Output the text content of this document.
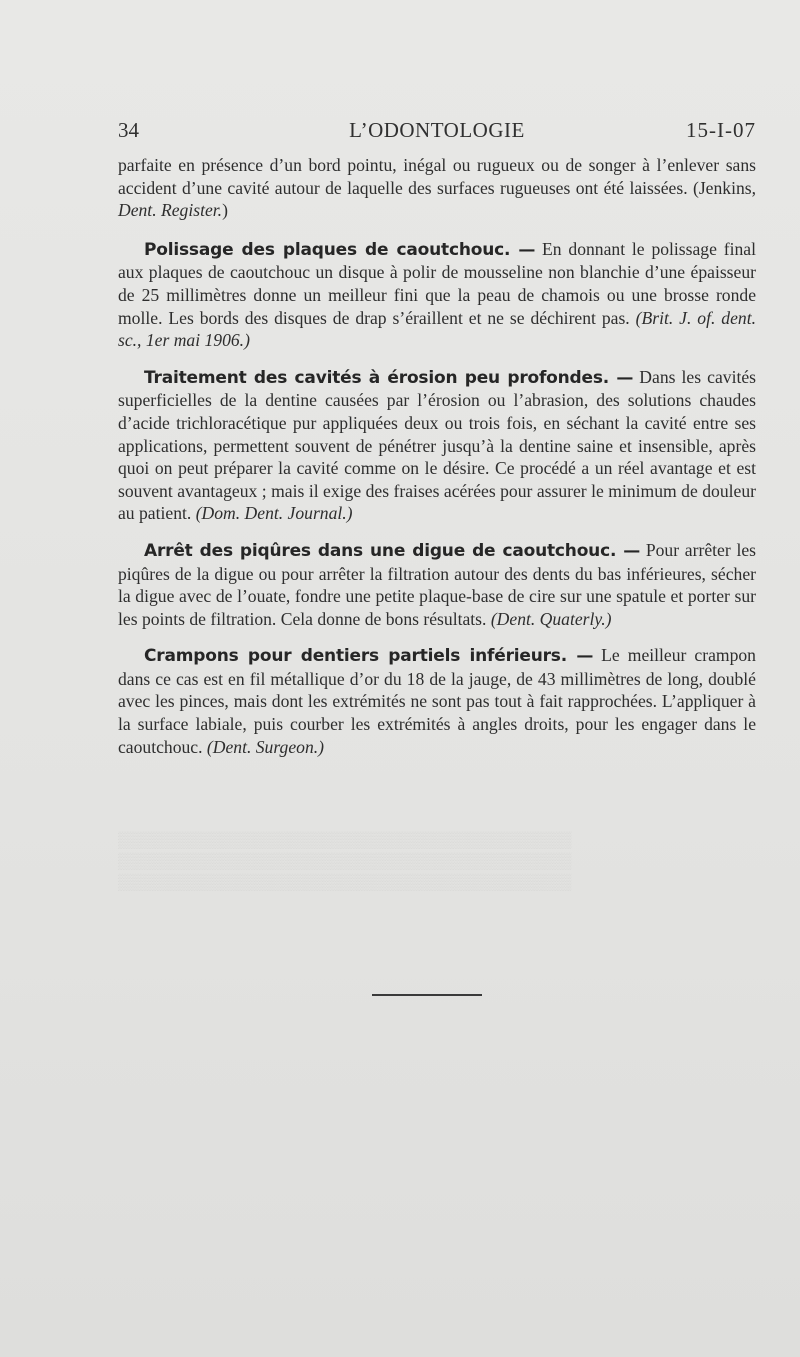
34	L’ODONTOLOGIE	15-I-07

parfaite en présence d’un bord pointu, inégal ou rugueux ou de songer à l’enlever sans accident d’une cavité autour de laquelle des surfaces rugueuses ont été laissées. (Jenkins, Dent. Register.)

Polissage des plaques de caoutchouc. — En donnant le polissage final aux plaques de caoutchouc un disque à polir de mousseline non blanchie d’une épaisseur de 25 millimètres donne un meilleur fini que la peau de chamois ou une brosse ronde molle. Les bords des disques de drap s’éraillent et ne se déchirent pas. (Brit. J. of. dent. sc., 1er mai 1906.)

Traitement des cavités à érosion peu profondes. — Dans les cavités superficielles de la dentine causées par l’érosion ou l’abrasion, des solutions chaudes d’acide trichloracétique pur appliquées deux ou trois fois, en séchant la cavité entre ses applications, permettent souvent de pénétrer jusqu’à la dentine saine et insensible, après quoi on peut préparer la cavité comme on le désire. Ce procédé a un réel avantage et est souvent avantageux ; mais il exige des fraises acérées pour assurer le minimum de douleur au patient. (Dom. Dent. Journal.)

Arrêt des piqûres dans une digue de caoutchouc. — Pour arrêter les piqûres de la digue ou pour arrêter la filtration autour des dents du bas inférieures, sécher la digue avec de l’ouate, fondre une petite plaque-base de cire sur une spatule et porter sur les points de filtration. Cela donne de bons résultats. (Dent. Quaterly.)

Crampons pour dentiers partiels inférieurs. — Le meilleur crampon dans ce cas est en fil métallique d’or du 18 de la jauge, de 43 millimètres de long, doublé avec les pinces, mais dont les extrémités ne sont pas tout à fait rapprochées. L’appliquer à la surface labiale, puis courber les extrémités à angles droits, pour les engager dans le caoutchouc. (Dent. Surgeon.)

▒▒▒▒▒▒▒▒▒▒▒▒▒▒▒▒▒▒▒▒▒▒▒▒▒▒▒▒▒▒▒▒▒▒▒▒▒▒▒▒
▒▒▒▒▒▒▒▒▒▒▒▒▒▒▒▒▒▒▒▒▒▒▒▒▒▒▒▒▒▒▒▒▒▒▒▒▒▒▒▒
▒▒▒▒▒▒▒▒▒▒▒▒▒▒▒▒▒▒▒▒▒▒▒▒▒▒▒▒▒▒▒▒▒▒▒▒▒▒▒▒
